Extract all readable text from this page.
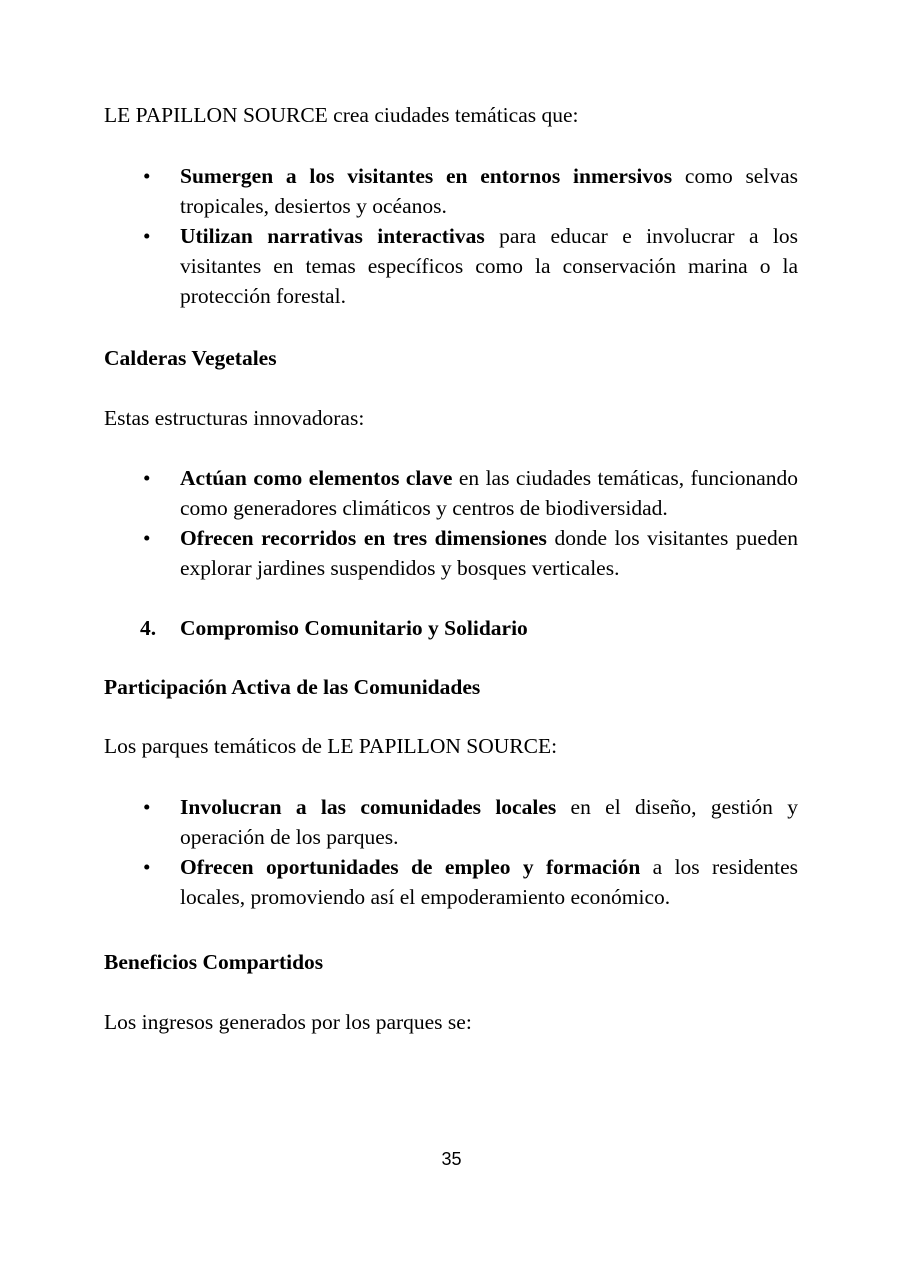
LE PAPILLON SOURCE crea ciudades temáticas que:

• Sumergen a los visitantes en entornos inmersivos como selvas tropicales, desiertos y océanos.
• Utilizan narrativas interactivas para educar e involucrar a los visitantes en temas específicos como la conservación marina o la protección forestal.

Calderas Vegetales

Estas estructuras innovadoras:

• Actúan como elementos clave en las ciudades temáticas, funcionando como generadores climáticos y centros de biodiversidad.
• Ofrecen recorridos en tres dimensiones donde los visitantes pueden explorar jardines suspendidos y bosques verticales.
4. Compromiso Comunitario y Solidario

Participación Activa de las Comunidades

Los parques temáticos de LE PAPILLON SOURCE:

• Involucran a las comunidades locales en el diseño, gestión y operación de los parques.
• Ofrecen oportunidades de empleo y formación a los residentes locales, promoviendo así el empoderamiento económico.

Beneficios Compartidos

Los ingresos generados por los parques se:

35
